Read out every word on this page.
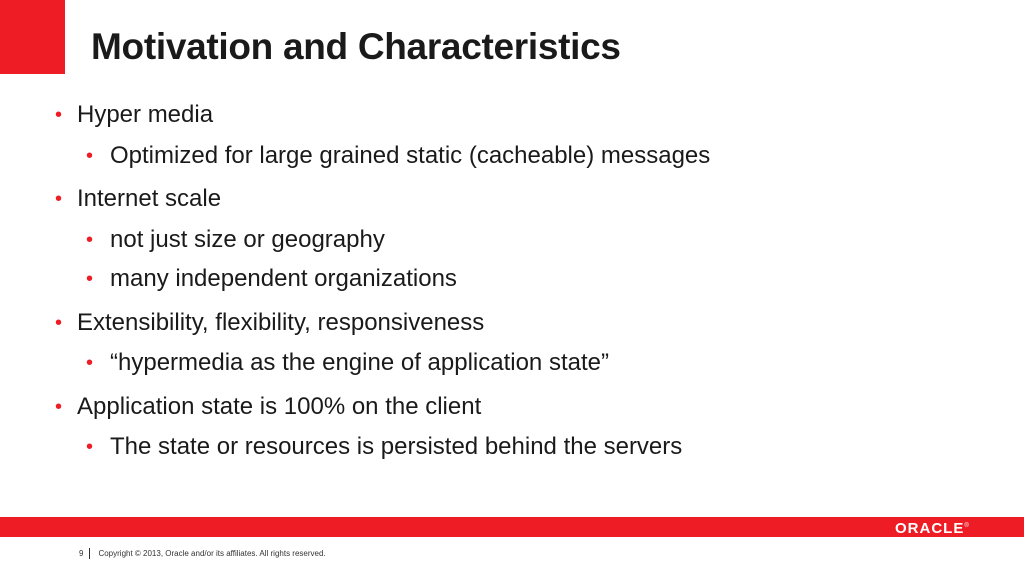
Motivation and Characteristics
• Hyper media
• Optimized for large grained static (cacheable) messages
• Internet scale
• not just size or geography
• many independent organizations
• Extensibility, flexibility, responsiveness
• “hypermedia as the engine of application state”
• Application state is 100% on the client
• The state or resources is persisted behind the servers
ORACLE®
9 Copyright © 2013, Oracle and/or its affiliates. All rights reserved.
